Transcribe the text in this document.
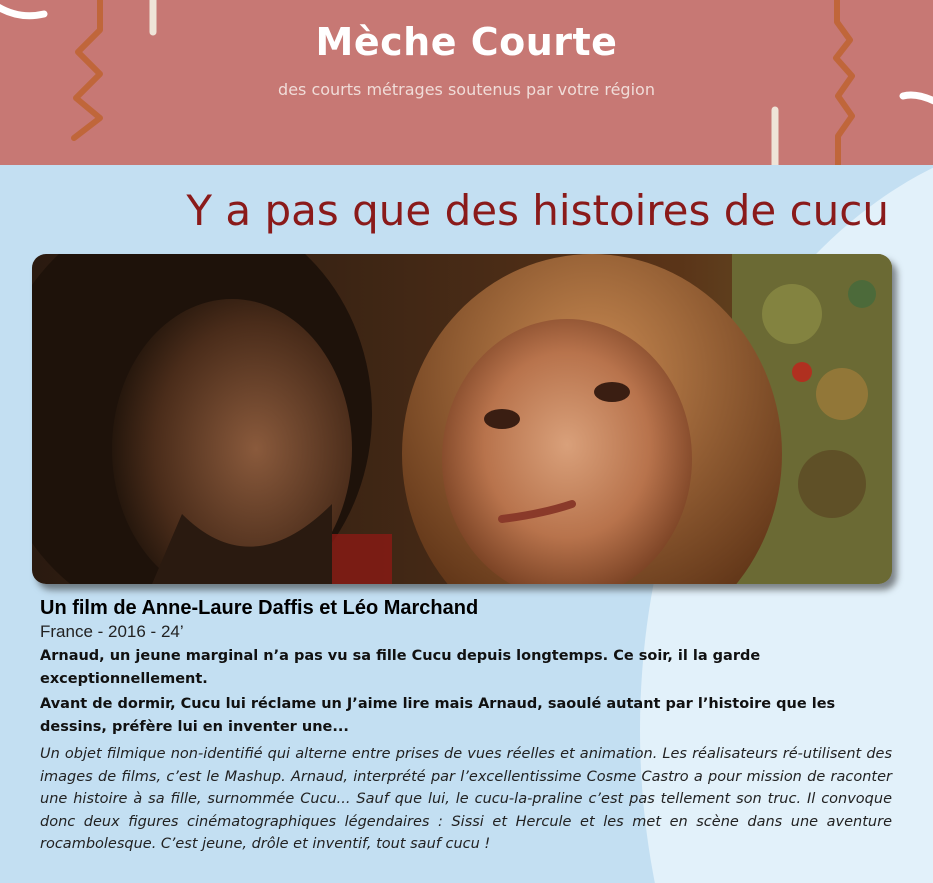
Mèche Courte

des courts métrages soutenus par votre région

Y a pas que des histoires de cucu

Un film de Anne-Laure Daffis et Léo Marchand

France - 2016 - 24’

Arnaud, un jeune marginal n’a pas vu sa fille Cucu depuis longtemps. Ce soir, il la garde exceptionnellement.

Avant de dormir, Cucu lui réclame un J’aime lire mais Arnaud, saoulé autant par l’histoire que les dessins, préfère lui en inventer une...

Un objet filmique non-identifié qui alterne entre prises de vues réelles et animation. Les réalisateurs ré-utilisent des images de films, c’est le Mashup. Arnaud, interprété par l’excellentissime Cosme Castro a pour mission de raconter une histoire à sa fille, surnommée Cucu... Sauf que lui, le cucu-la-praline c’est pas tellement son truc. Il convoque donc deux figures cinématographiques légendaires : Sissi et Hercule et les met en scène dans une aventure rocambolesque. C’est jeune, drôle et inventif, tout sauf cucu !
